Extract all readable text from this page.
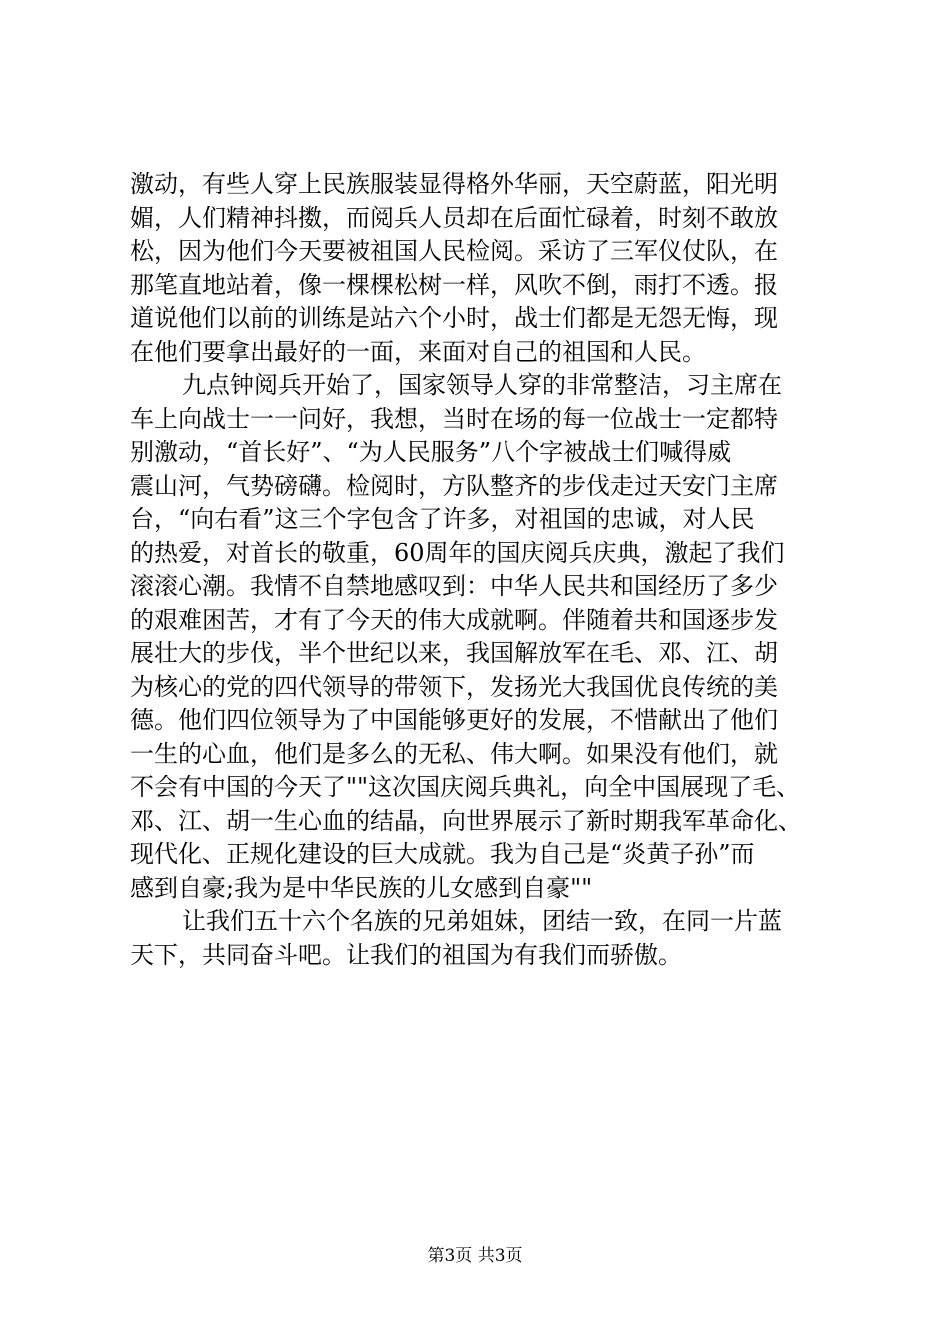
激动，有些人穿上民族服装显得格外华丽，天空蔚蓝，阳光明
媚，人们精神抖擞，而阅兵人员却在后面忙碌着，时刻不敢放
松，因为他们今天要被祖国人民检阅。采访了三军仪仗队，在
那笔直地站着，像一棵棵松树一样，风吹不倒，雨打不透。报
道说他们以前的训练是站六个小时，战士们都是无怨无悔，现
在他们要拿出最好的一面，来面对自己的祖国和人民。
九点钟阅兵开始了，国家领导人穿的非常整洁，习主席在
车上向战士一一问好，我想，当时在场的每一位战士一定都特
别激动，“首长好”、“为人民服务”八个字被战士们喊得威
震山河，气势磅礴。检阅时，方队整齐的步伐走过天安门主席
台，“向右看”这三个字包含了许多，对祖国的忠诚，对人民
的热爱，对首长的敬重，60周年的国庆阅兵庆典，激起了我们
滚滚心潮。我情不自禁地感叹到：中华人民共和国经历了多少
的艰难困苦，才有了今天的伟大成就啊。伴随着共和国逐步发
展壮大的步伐，半个世纪以来，我国解放军在毛、邓、江、胡
为核心的党的四代领导的带领下，发扬光大我国优良传统的美
德。他们四位领导为了中国能够更好的发展，不惜献出了他们
一生的心血，他们是多么的无私、伟大啊。如果没有他们，就
不会有中国的今天了""这次国庆阅兵典礼，向全中国展现了毛、
邓、江、胡一生心血的结晶，向世界展示了新时期我军革命化、
现代化、正规化建设的巨大成就。我为自己是“炎黄子孙”而
感到自豪;我为是中华民族的儿女感到自豪""
让我们五十六个名族的兄弟姐妹，团结一致，在同一片蓝
天下，共同奋斗吧。让我们的祖国为有我们而骄傲。
第3页 共3页
